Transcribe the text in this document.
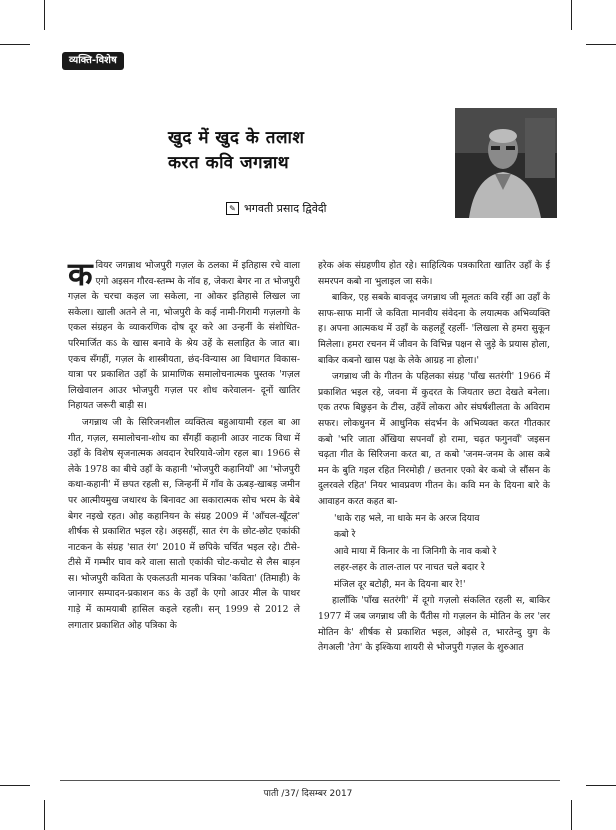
व्यक्ति-विशेष
खुद में खुद के तलाश
करत कवि जगन्नाथ
✎ भगवती प्रसाद द्विवेदी

कवियर जगन्नाथ भोजपुरी गज़ल के ठलका में इतिहास रचे वाला एगो अइसन गौरव-स्तम्भ के नॉव ह, जेकरा बेगर ना त भोजपुरी गज़ल के चरचा कइल जा सकेला, ना ओकर इतिहासे लिखल जा सकेला। खाली अतने ले ना, भोजपुरी के कई नामी-गिरामी गज़लगो के एकल संग्रहन के व्याकरणिक दोष दूर करे आ उन्हनीं के संशोधित-परिमार्जित कऽ के खास बनावे के श्रेय उहें के सलाहित के जात बा। एकच सँगहीं, गज़ल के शास्त्रीयता, छंद-विन्यास आ विधागत विकास-यात्रा पर प्रकाशित उहाँ के प्रामाणिक समालोचनात्मक पुस्तक 'गज़ल लिखेवालन आउर भोजपुरी गज़ल पर शोध करेवालन- दूनों खातिर निहायत जरूरी बाड़ी स।

जगन्नाथ जी के सिरिजनशील व्यक्तित्व बहुआयामी रहल बा आ गीत, गज़ल, समालोचना-शोध का सँगहीं कहानी आउर नाटक विधा में उहाँ के विशेष सृजनात्मक अवदान रेघरियावे-जोग रहल बा। 1966 से लेके 1978 का बीचे उहाँ के कहानी 'भोजपुरी कहानियाँ' आ 'भोजपुरी कथा-कहानी' में छपत रहली स, जिन्हनीं में गाँव के ऊबड़-खाबड़ जमीन पर आत्मीयमुख जथारथ के बिनावट आ सकारात्मक सोच भरम के बेबे बेगर नइखे रहत। ओह कहानियन के संग्रह 2009 में 'आँचल-खूँटल' शीर्षक से प्रकाशित भइल रहे। अइसहीं, सात रंग के छोट-छोट एकांकी नाटकन के संग्रह 'सात रंग' 2010 में छपिके चर्चित भइल रहे। टीसे-टीसे में गम्भीर घाव करे वाला सातो एकांकी चोट-कचोट से लैस बाड़न स। भोजपुरी कविता के एकलउती मानक पत्रिका 'कविता' (तिमाही) के जानगार सम्पादन-प्रकाशन कऽ के उहाँ के एगो आउर मील के पाथर गाड़े में कामयाबी हासिल कइले रहली। सन् 1999 से 2012 ले लगातार प्रकाशित ओह पत्रिका के

हरेक अंक संग्रहणीय होत रहे। साहित्यिक पत्रकारिता खातिर उहाँ के ई समरपन कबो ना भुलाइल जा सके।

बाकिर, एह सबके बावजूद जगन्नाथ जी मूलतः कवि रहीं आ उहाँ के साफ-साफ मानीं जे कविता मानवीय संवेदना के लयात्मक अभिव्यक्ति ह। अपना आत्मकथ में उहाँ के कहलहूँ रहलीं- 'लिखला से हमरा सुकून मिलेला। हमरा रचनन में जीवन के विभिन्न पक्षन से जुड़े के प्रयास होला, बाकिर कबनो खास पक्ष के लेके आग्रह ना होला।'

जगन्नाथ जी के गीतन के पहिलका संग्रह 'पाँख सतरंगी' 1966 में प्रकाशित भइल रहे, जवना में कुदरत के जियतार छटा देखते बनेला। एक तरफ बिछुड़न के टीस, उहँवें लोकरा ओर संघर्षशीलता के अविराम सफर। लोकधुनन में आधुनिक संदर्भन के अभिव्यक्त करत गीतकार कबो 'भरि जाता अँखिया सपनवाँ हो रामा, चढ़त फगुनवाँ' जइसन चढ़ता गीत के सिरिजना करत बा, त कबो 'जनम-जनम के आस कबे मन के बुति गइल रहित निरमोही / छतनार एको बेर कबो जे सौंसन के दुलरवले रहित' नियर भावप्रवण गीतन के। कवि मन के दियना बारे के आवाहन करत कहत बा-

'धाके राह भले, ना धाके मन के अरज दियाव

कबो रे

आवे माया में किनार के ना जिनिगी के नाव कबो रे

लहर-लहर के ताल-ताल पर नाचत चले बदार रे

मंजिल दूर बटोही, मन के दियना बार रे!'

हालाँकि 'पाँख सतरंगी' में दूगो गज़लो संकलित रहली स, बाकिर 1977 में जब जगन्नाथ जी के पैंतीस गो गज़लन के मोतिन के लर 'लर मोतिन के' शीर्षक से प्रकाशित भइल, ओइसे त, भारतेन्दु युग के तेगअली 'तेग' के इश्किया शायरी से भोजपुरी गज़ल के शुरुआत

पाती /37/ दिसम्बर 2017
